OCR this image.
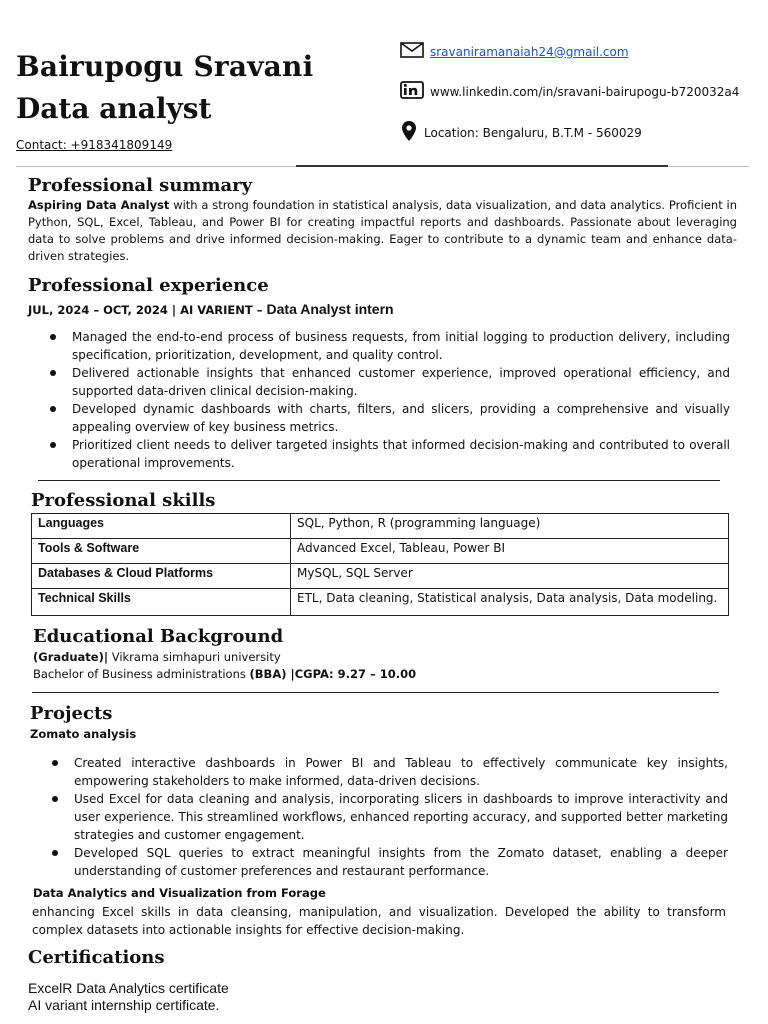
Bairupogu Sravani
Data analyst
Contact: +918341809149
sravaniramanaiah24@gmail.com
www.linkedin.com/in/sravani-bairupogu-b720032a4
Location: Bengaluru, B.T.M - 560029
Professional summary
Aspiring Data Analyst with a strong foundation in statistical analysis, data visualization, and data analytics. Proficient in Python, SQL, Excel, Tableau, and Power BI for creating impactful reports and dashboards. Passionate about leveraging data to solve problems and drive informed decision-making. Eager to contribute to a dynamic team and enhance data-driven strategies.
Professional experience
JUL, 2024 – OCT, 2024 | AI VARIENT – Data Analyst intern
Managed the end-to-end process of business requests, from initial logging to production delivery, including specification, prioritization, development, and quality control.
Delivered actionable insights that enhanced customer experience, improved operational efficiency, and supported data-driven clinical decision-making.
Developed dynamic dashboards with charts, filters, and slicers, providing a comprehensive and visually appealing overview of key business metrics.
Prioritized client needs to deliver targeted insights that informed decision-making and contributed to overall operational improvements.
Professional skills
Languages	SQL, Python, R (programming language)
Tools & Software	Advanced Excel, Tableau, Power BI
Databases & Cloud Platforms	MySQL, SQL Server
Technical Skills	ETL, Data cleaning, Statistical analysis, Data analysis, Data modeling.
Educational Background
(Graduate)| Vikrama simhapuri university
Bachelor of Business administrations (BBA) |CGPA: 9.27 – 10.00
Projects
Zomato analysis
Created interactive dashboards in Power BI and Tableau to effectively communicate key insights, empowering stakeholders to make informed, data-driven decisions.
Used Excel for data cleaning and analysis, incorporating slicers in dashboards to improve interactivity and user experience. This streamlined workflows, enhanced reporting accuracy, and supported better marketing strategies and customer engagement.
Developed SQL queries to extract meaningful insights from the Zomato dataset, enabling a deeper understanding of customer preferences and restaurant performance.
Data Analytics and Visualization from Forage
enhancing Excel skills in data cleansing, manipulation, and visualization. Developed the ability to transform complex datasets into actionable insights for effective decision-making.
Certifications
ExcelR Data Analytics certificate
AI variant internship certificate.
